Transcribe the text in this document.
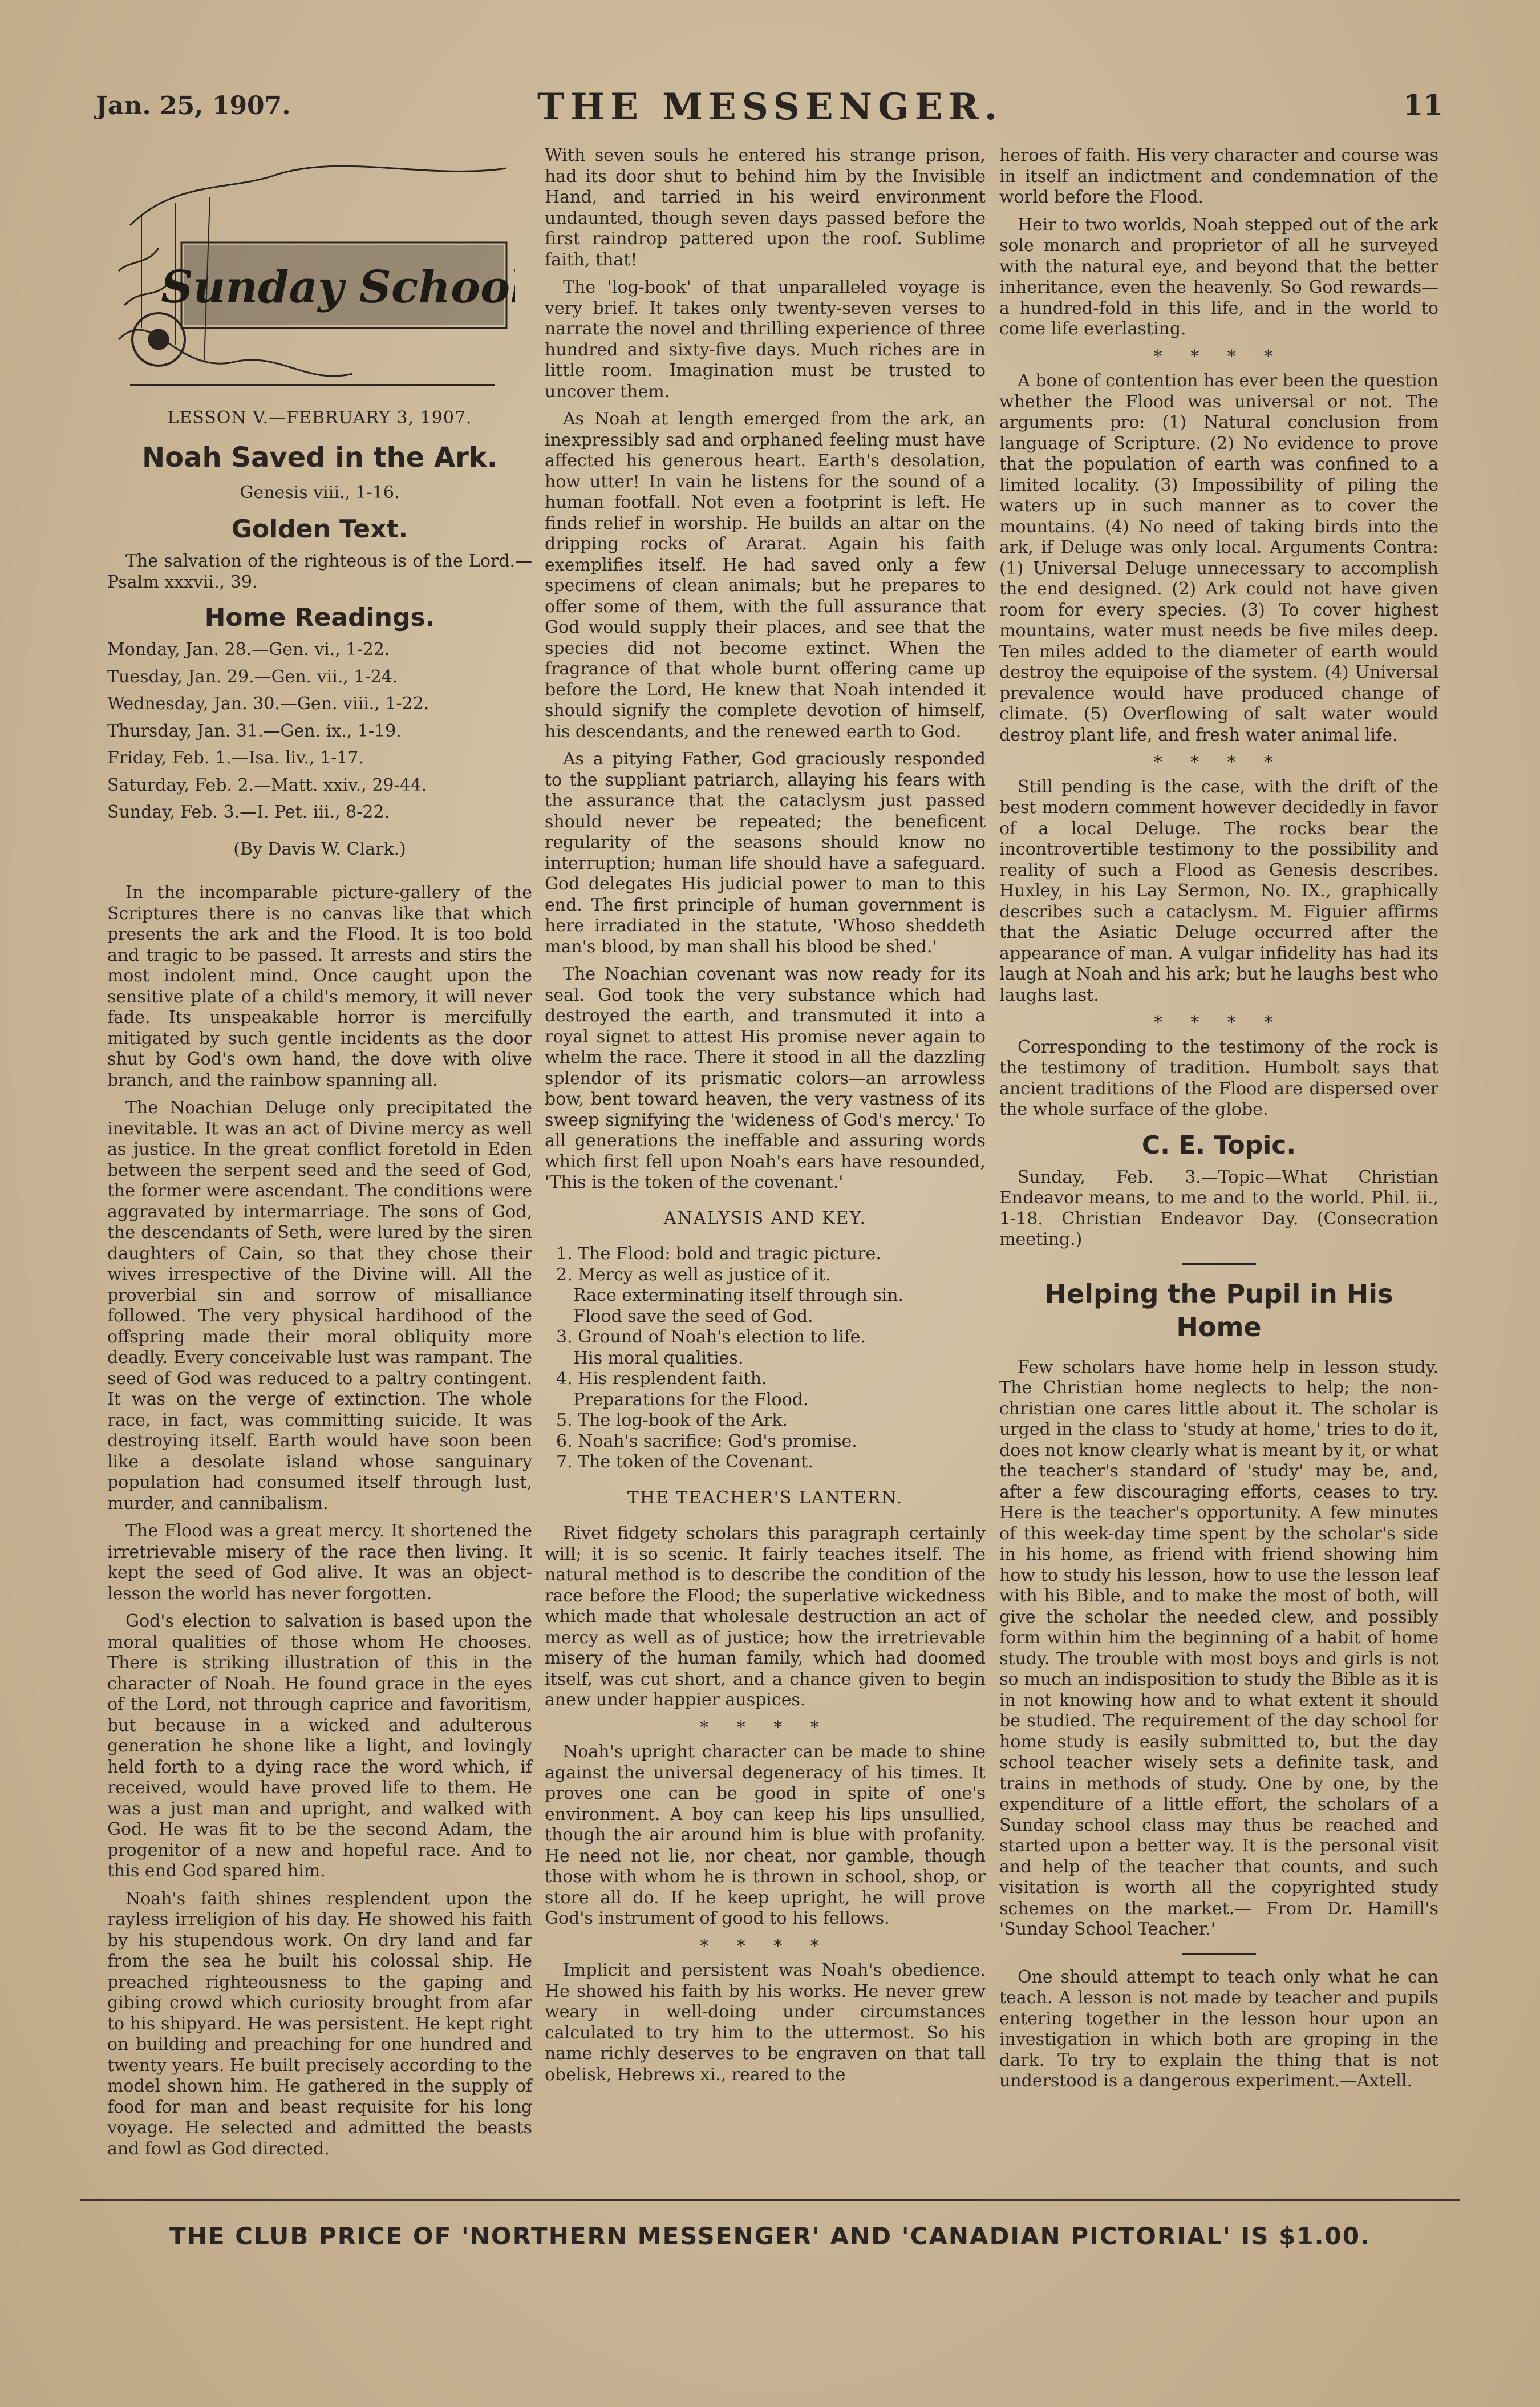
Jan. 25, 1907.	THE MESSENGER.	11
Sunday School
LESSON V.—FEBRUARY 3, 1907.
Noah Saved in the Ark.
Genesis viii., 1-16.
Golden Text.

The salvation of the righteous is of the Lord.—Psalm xxxvii., 39.

Home Readings.
Monday, Jan. 28.—Gen. vi., 1-22.
Tuesday, Jan. 29.—Gen. vii., 1-24.
Wednesday, Jan. 30.—Gen. viii., 1-22.
Thursday, Jan. 31.—Gen. ix., 1-19.
Friday, Feb. 1.—Isa. liv., 1-17.
Saturday, Feb. 2.—Matt. xxiv., 29-44.
Sunday, Feb. 3.—I. Pet. iii., 8-22.
(By Davis W. Clark.)

In the incomparable picture-gallery of the Scriptures there is no canvas like that which presents the ark and the Flood. It is too bold and tragic to be passed. It arrests and stirs the most indolent mind. Once caught upon the sensitive plate of a child's memory, it will never fade. Its unspeakable horror is mercifully mitigated by such gentle incidents as the door shut by God's own hand, the dove with olive branch, and the rainbow spanning all.

The Noachian Deluge only precipitated the inevitable. It was an act of Divine mercy as well as justice. In the great conflict foretold in Eden between the serpent seed and the seed of God, the former were ascendant. The conditions were aggravated by intermarriage. The sons of God, the descendants of Seth, were lured by the siren daughters of Cain, so that they chose their wives irrespective of the Divine will. All the proverbial sin and sorrow of misalliance followed. The very physical hardihood of the offspring made their moral obliquity more deadly. Every conceivable lust was rampant. The seed of God was reduced to a paltry contingent. It was on the verge of extinction. The whole race, in fact, was committing suicide. It was destroying itself. Earth would have soon been like a desolate island whose sanguinary population had consumed itself through lust, murder, and cannibalism.

The Flood was a great mercy. It shortened the irretrievable misery of the race then living. It kept the seed of God alive. It was an object-lesson the world has never forgotten.

God's election to salvation is based upon the moral qualities of those whom He chooses. There is striking illustration of this in the character of Noah. He found grace in the eyes of the Lord, not through caprice and favoritism, but because in a wicked and adulterous generation he shone like a light, and lovingly held forth to a dying race the word which, if received, would have proved life to them. He was a just man and upright, and walked with God. He was fit to be the second Adam, the progenitor of a new and hopeful race. And to this end God spared him.

Noah's faith shines resplendent upon the rayless irreligion of his day. He showed his faith by his stupendous work. On dry land and far from the sea he built his colossal ship. He preached righteousness to the gaping and gibing crowd which curiosity brought from afar to his shipyard. He was persistent. He kept right on building and preaching for one hundred and twenty years. He built precisely according to the model shown him. He gathered in the supply of food for man and beast requisite for his long voyage. He selected and admitted the beasts and fowl as God directed.

With seven souls he entered his strange prison, had its door shut to behind him by the Invisible Hand, and tarried in his weird environment undaunted, though seven days passed before the first raindrop pattered upon the roof. Sublime faith, that!

The 'log-book' of that unparalleled voyage is very brief. It takes only twenty-seven verses to narrate the novel and thrilling experience of three hundred and sixty-five days. Much riches are in little room. Imagination must be trusted to uncover them.

As Noah at length emerged from the ark, an inexpressibly sad and orphaned feeling must have affected his generous heart. Earth's desolation, how utter! In vain he listens for the sound of a human footfall. Not even a footprint is left. He finds relief in worship. He builds an altar on the dripping rocks of Ararat. Again his faith exemplifies itself. He had saved only a few specimens of clean animals; but he prepares to offer some of them, with the full assurance that God would supply their places, and see that the species did not become extinct. When the fragrance of that whole burnt offering came up before the Lord, He knew that Noah intended it should signify the complete devotion of himself, his descendants, and the renewed earth to God.

As a pitying Father, God graciously responded to the suppliant patriarch, allaying his fears with the assurance that the cataclysm just passed should never be repeated; the beneficent regularity of the seasons should know no interruption; human life should have a safeguard. God delegates His judicial power to man to this end. The first principle of human government is here irradiated in the statute, 'Whoso sheddeth man's blood, by man shall his blood be shed.'

The Noachian covenant was now ready for its seal. God took the very substance which had destroyed the earth, and transmuted it into a royal signet to attest His promise never again to whelm the race. There it stood in all the dazzling splendor of its prismatic colors—an arrowless bow, bent toward heaven, the very vastness of its sweep signifying the 'wideness of God's mercy.' To all generations the ineffable and assuring words which first fell upon Noah's ears have resounded, 'This is the token of the covenant.'

ANALYSIS AND KEY.
1. The Flood: bold and tragic picture.
2. Mercy as well as justice of it.
Race exterminating itself through sin.
Flood save the seed of God.
3. Ground of Noah's election to life.
His moral qualities.
4. His resplendent faith.
Preparations for the Flood.
5. The log-book of the Ark.
6. Noah's sacrifice: God's promise.
7. The token of the Covenant.
THE TEACHER'S LANTERN.

Rivet fidgety scholars this paragraph certainly will; it is so scenic. It fairly teaches itself. The natural method is to describe the condition of the race before the Flood; the superlative wickedness which made that wholesale destruction an act of mercy as well as of justice; how the irretrievable misery of the human family, which had doomed itself, was cut short, and a chance given to begin anew under happier auspices.

* * * *

Noah's upright character can be made to shine against the universal degeneracy of his times. It proves one can be good in spite of one's environment. A boy can keep his lips unsullied, though the air around him is blue with profanity. He need not lie, nor cheat, nor gamble, though those with whom he is thrown in school, shop, or store all do. If he keep upright, he will prove God's instrument of good to his fellows.

* * * *

Implicit and persistent was Noah's obedience. He showed his faith by his works. He never grew weary in well-doing under circumstances calculated to try him to the uttermost. So his name richly deserves to be engraven on that tall obelisk, Hebrews xi., reared to the

heroes of faith. His very character and course was in itself an indictment and condemnation of the world before the Flood.

Heir to two worlds, Noah stepped out of the ark sole monarch and proprietor of all he surveyed with the natural eye, and beyond that the better inheritance, even the heavenly. So God rewards—a hundred-fold in this life, and in the world to come life everlasting.

* * * *

A bone of contention has ever been the question whether the Flood was universal or not. The arguments pro: (1) Natural conclusion from language of Scripture. (2) No evidence to prove that the population of earth was confined to a limited locality. (3) Impossibility of piling the waters up in such manner as to cover the mountains. (4) No need of taking birds into the ark, if Deluge was only local. Arguments Contra: (1) Universal Deluge unnecessary to accomplish the end designed. (2) Ark could not have given room for every species. (3) To cover highest mountains, water must needs be five miles deep. Ten miles added to the diameter of earth would destroy the equipoise of the system. (4) Universal prevalence would have produced change of climate. (5) Overflowing of salt water would destroy plant life, and fresh water animal life.

* * * *

Still pending is the case, with the drift of the best modern comment however decidedly in favor of a local Deluge. The rocks bear the incontrovertible testimony to the possibility and reality of such a Flood as Genesis describes. Huxley, in his Lay Sermon, No. IX., graphically describes such a cataclysm. M. Figuier affirms that the Asiatic Deluge occurred after the appearance of man. A vulgar infidelity has had its laugh at Noah and his ark; but he laughs best who laughs last.

* * * *

Corresponding to the testimony of the rock is the testimony of tradition. Humbolt says that ancient traditions of the Flood are dispersed over the whole surface of the globe.

C. E. Topic.

Sunday, Feb. 3.—Topic—What Christian Endeavor means, to me and to the world. Phil. ii., 1-18. Christian Endeavor Day. (Consecration meeting.)

Helping the Pupil in His Home

Few scholars have home help in lesson study. The Christian home neglects to help; the non-christian one cares little about it. The scholar is urged in the class to 'study at home,' tries to do it, does not know clearly what is meant by it, or what the teacher's standard of 'study' may be, and, after a few discouraging efforts, ceases to try. Here is the teacher's opportunity. A few minutes of this week-day time spent by the scholar's side in his home, as friend with friend showing him how to study his lesson, how to use the lesson leaf with his Bible, and to make the most of both, will give the scholar the needed clew, and possibly form within him the beginning of a habit of home study. The trouble with most boys and girls is not so much an indisposition to study the Bible as it is in not knowing how and to what extent it should be studied. The requirement of the day school for home study is easily submitted to, but the day school teacher wisely sets a definite task, and trains in methods of study. One by one, by the expenditure of a little effort, the scholars of a Sunday school class may thus be reached and started upon a better way. It is the personal visit and help of the teacher that counts, and such visitation is worth all the copyrighted study schemes on the market.— From Dr. Hamill's 'Sunday School Teacher.'

One should attempt to teach only what he can teach. A lesson is not made by teacher and pupils entering together in the lesson hour upon an investigation in which both are groping in the dark. To try to explain the thing that is not understood is a dangerous experiment.—Axtell.

THE CLUB PRICE OF 'NORTHERN MESSENGER' AND 'CANADIAN PICTORIAL' IS $1.00.
